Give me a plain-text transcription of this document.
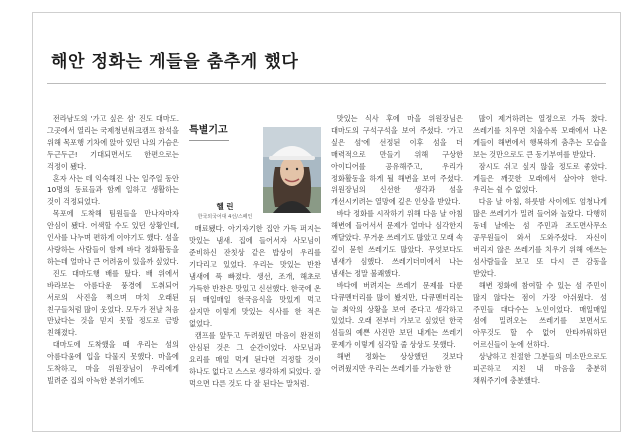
해안 정화는 게들을 춤추게 했다

전라남도의 '가고 싶은 섬' 진도 대마도. 그곳에서 열리는 국제청년워크캠프 참석을 위해 목포행 기차에 앉아 있던 나의 가슴은 두근두근! 기대되면서도 한편으로는 걱정이 됐다.

혼자 사는 데 익숙해진 나는 일주일 동안 10명의 동료들과 함께 일하고 생활하는 것이 걱정되었다.

목포에 도착해 팀원들을 만나자마자 안심이 됐다. 어색할 수도 있던 상황인데, 인사를 나누며 편하게 이야기도 했다. 섬을 사랑하는 사람들이 함께 바다 정화활동을 하는데 얼마나 큰 어려움이 있을까 싶었다.

진도 대마도행 배를 탔다. 배 위에서 바라보는 아름다운 풍경에 도취되어 서로의 사진을 찍으며 마치 오래된 친구들처럼 많이 웃었다. 모두가 전날 처음 만났다는 것을 믿지 못할 정도로 금방 친해졌다.

대마도에 도착했을 때 우리는 섬의 아름다움에 입을 다물지 못했다. 마을에 도착하고, 마을 위원장님이 우리에게 빌려준 집의 아늑한 분위기에도

특별기고
헬 린
한국외국어대 4선/스페인

매료됐다. 아기자기한 집안 가득 퍼지는 맛있는 냄새. 집에 들어서자 사모님이 준비하신 잔칫상 같은 밥상이 우리를 기다리고 있었다. 우리는 맛있는 반찬 냄새에 푹 빠졌다. 생선, 조개, 해초로 가득한 반찬은 맛있고 신선했다. 한국에 온 뒤 매일매일 한국음식을 맛있게 먹고 살지만 이렇게 맛있는 식사를 한 적은 없었다.

캠프를 앞두고 두려웠던 마음이 완전히 안심된 것은 그 순간이었다. 사모님과 요리를 매일 먹게 된다면 걱정할 것이 하나도 없다고 스스로 생각하게 되었다. 잘 먹으면 다른 것도 다 잘 된다는 말처럼.

맛있는 식사 후에 마을 위원장님은 대마도의 구석구석을 보여 주셨다. '가고 싶은 섬'에 선정된 이후 섬을 더 매력적으로 만들기 위해 구상한 아이디어를 공유해주고, 우리가 정화활동을 하게 될 해변을 보여 주셨다. 위원장님의 신선한 생각과 섬을 개선시키려는 열망에 깊은 인상을 받았다.

바다 정화를 시작하기 위해 다음 날 아침 해변에 들어서서 문제가 얼마나 심각한지 깨달았다. 무거운 쓰레기도 많았고 모래 속 깊이 묻힌 쓰레기도 많았다. 무엇보다도 냄새가 심했다. 쓰레기더미에서 나는 냄새는 정말 불쾌했다.

바다에 버려지는 쓰레기 문제를 다룬 다큐멘터리를 많이 봤지만, 다큐멘터리는 늘 최악의 상황을 보여 준다고 생각하고 있었다. 오래 전부터 가보고 싶었던 한국 섬들의 예쁜 사진만 보던 내게는 쓰레기 문제가 이렇게 심각할 줄 상상도 못했다.

해변 정화는 상상했던 것보다 어려웠지만 우리는 쓰레기를 가능한 한

많이 제거하려는 열정으로 가득 찼다. 쓰레기를 치우면 치울수록 모래에서 나온 게들이 해변에서 행복하게 춤추는 모습을 보는 것만으로도 큰 동기부여를 받았다.

잠시도 쉬고 싶지 않을 정도로 좋았다. 게들은 깨끗한 모래에서 살아야 한다. 우리는 쉴 수 없었다.

다음 날 아침, 하룻밤 사이에도 엄청나게 많은 쓰레기가 밀려 들어와 놀랐다. 다행히 동네 날에는 섬 주민과 조도면사무소 공무원들이 와서 도와주셨다. 자신이 버리지 않은 쓰레기를 치우기 위해 애쓰는 섬사람들을 보고 또 다시 큰 감동을 받았다.

해변 정화에 참여할 수 있는 섬 주민이 많지 않다는 점이 가장 아쉬웠다. 섬 주민들 대다수는 노인이었다. 매일매일 섬에 밀려오는 쓰레기를 보면서도 아무것도 할 수 없어 안타까워하던 어르신들이 눈에 선하다.

상냥하고 친절한 그분들의 미소만으로도 피곤하고 지친 내 마음을 충분히 채워주기에 충분했다.
